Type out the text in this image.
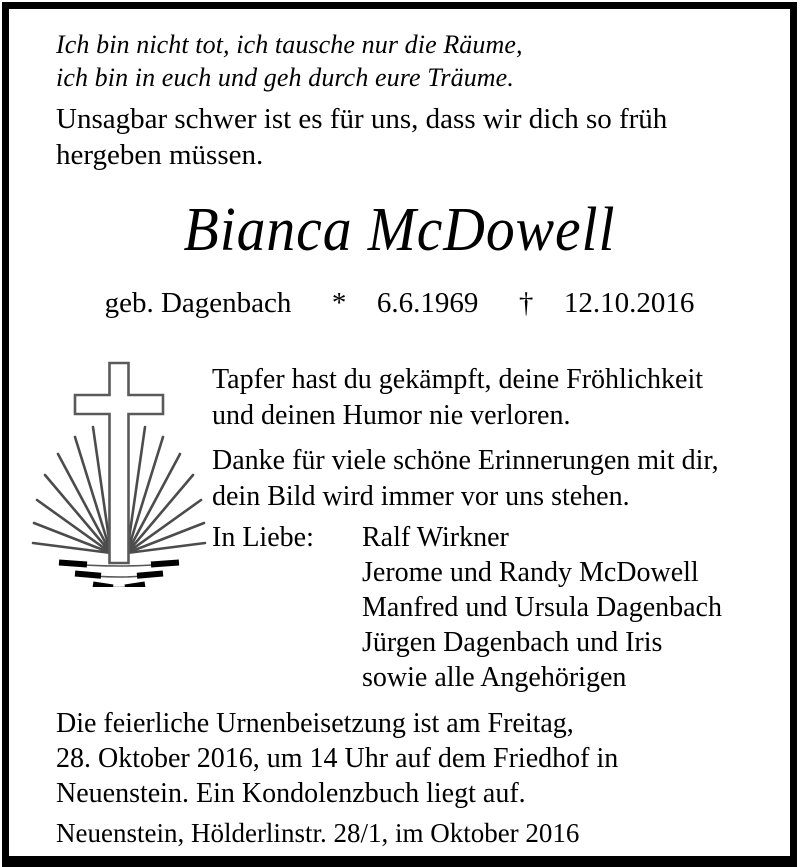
Ich bin nicht tot, ich tausche nur die Räume,
ich bin in euch und geh durch eure Träume.
Unsagbar schwer ist es für uns, dass wir dich so früh
hergeben müssen.
Bianca McDowell
geb. Dagenbach * 6.6.1969 † 12.10.2016
Tapfer hast du gekämpft, deine Fröhlichkeit
und deinen Humor nie verloren.
Danke für viele schöne Erinnerungen mit dir,
dein Bild wird immer vor uns stehen.
In Liebe: Ralf Wirkner
Jerome und Randy McDowell
Manfred und Ursula Dagenbach
Jürgen Dagenbach und Iris
sowie alle Angehörigen
Die feierliche Urnenbeisetzung ist am Freitag,
28. Oktober 2016, um 14 Uhr auf dem Friedhof in
Neuenstein. Ein Kondolenzbuch liegt auf.
Neuenstein, Hölderlinstr. 28/1, im Oktober 2016
